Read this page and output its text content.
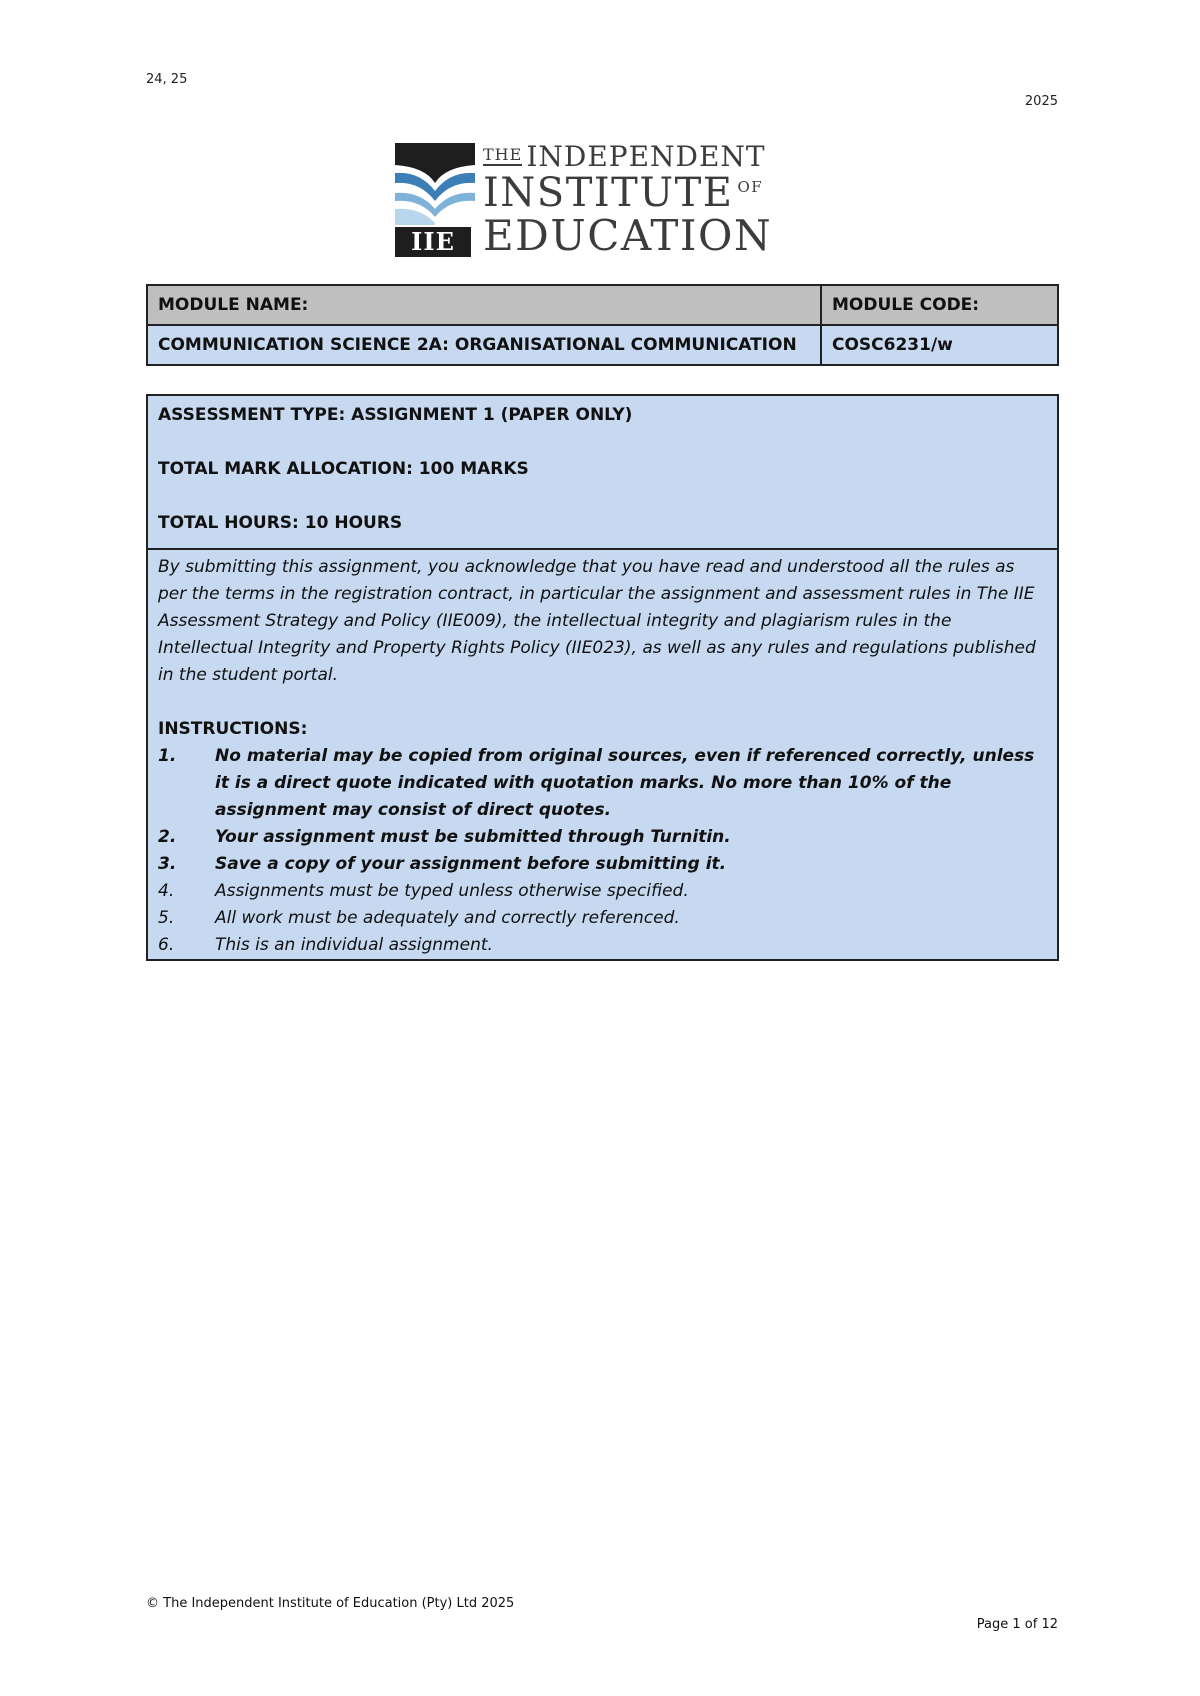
24, 25
2025
IIE
$^{THE}$ INDEPENDENT
INSTITUTE $^{OF}$
EDUCATION
MODULE NAME:	MODULE CODE:
COMMUNICATION SCIENCE 2A: ORGANISATIONAL COMMUNICATION	COSC6231/w
ASSESSMENT TYPE: ASSIGNMENT 1 (PAPER ONLY)
TOTAL MARK ALLOCATION: 100 MARKS
TOTAL HOURS: 10 HOURS

By submitting this assignment, you acknowledge that you have read and understood all the rules as per the terms in the registration contract, in particular the assignment and assessment rules in The IIE Assessment Strategy and Policy (IIE009), the intellectual integrity and plagiarism rules in the Intellectual Integrity and Property Rights Policy (IIE023), as well as any rules and regulations published in the student portal.

INSTRUCTIONS:
1.	No material may be copied from original sources, even if referenced correctly, unless it is a direct quote indicated with quotation marks. No more than 10% of the assignment may consist of direct quotes.
2.	Your assignment must be submitted through Turnitin.
3.	Save a copy of your assignment before submitting it.
4.	Assignments must be typed unless otherwise specified.
5.	All work must be adequately and correctly referenced.
6.	This is an individual assignment.
© The Independent Institute of Education (Pty) Ltd 2025
Page 1 of 12
